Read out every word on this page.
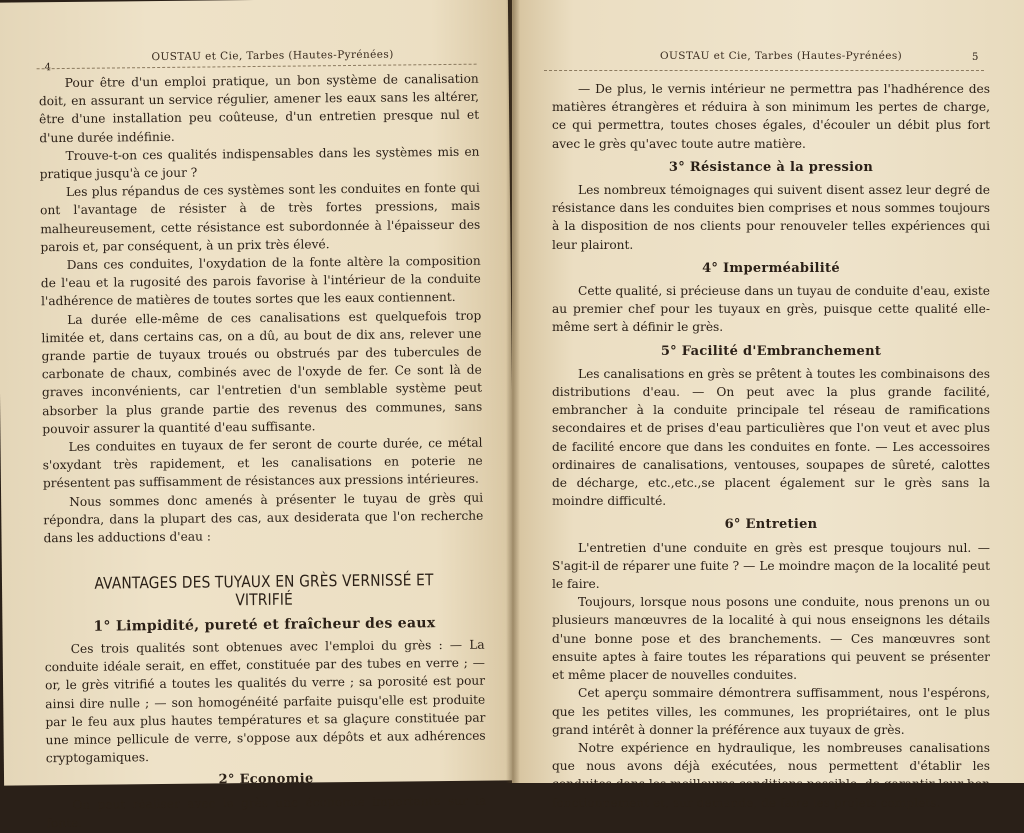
4
OUSTAU et Cie, Tarbes (Hautes-Pyrénées)

Pour être d'un emploi pratique, un bon système de canalisation doit, en assurant un service régulier, amener les eaux sans les altérer, être d'une installation peu coûteuse, d'un entretien presque nul et d'une durée indéfinie.

Trouve-t-on ces qualités indispensables dans les systèmes mis en pratique jusqu'à ce jour ?

Les plus répandus de ces systèmes sont les conduites en fonte qui ont l'avantage de résister à de très fortes pressions, mais malheureusement, cette résistance est subordonnée à l'épaisseur des parois et, par conséquent, à un prix très élevé.

Dans ces conduites, l'oxydation de la fonte altère la composition de l'eau et la rugosité des parois favorise à l'intérieur de la conduite l'adhérence de matières de toutes sortes que les eaux contiennent.

La durée elle-même de ces canalisations est quelquefois trop limitée et, dans certains cas, on a dû, au bout de dix ans, relever une grande partie de tuyaux troués ou obstrués par des tubercules de carbonate de chaux, combinés avec de l'oxyde de fer. Ce sont là de graves inconvénients, car l'entretien d'un semblable système peut absorber la plus grande partie des revenus des communes, sans pouvoir assurer la quantité d'eau suffisante.

Les conduites en tuyaux de fer seront de courte durée, ce métal s'oxydant très rapidement, et les canalisations en poterie ne présentent pas suffisamment de résistances aux pressions intérieures.

Nous sommes donc amenés à présenter le tuyau de grès qui répondra, dans la plupart des cas, aux desiderata que l'on recherche dans les adductions d'eau :

AVANTAGES DES TUYAUX EN GRÈS VERNISSÉ ET VITRIFIÉ
1° Limpidité, pureté et fraîcheur des eaux

Ces trois qualités sont obtenues avec l'emploi du grès : — La conduite idéale serait, en effet, constituée par des tubes en verre ; — or, le grès vitrifié a toutes les qualités du verre ; sa porosité est pour ainsi dire nulle ; — son homogénéité parfaite puisqu'elle est produite par le feu aux plus hautes températures et sa glaçure constituée par une mince pellicule de verre, s'oppose aux dépôts et aux adhérences cryptogamiques.

2° Economie

On peut réaliser avec le grès une économie importante sur la fonte.

OUSTAU et Cie, Tarbes (Hautes-Pyrénées)	5

— De plus, le vernis intérieur ne permettra pas l'hadhérence des matières étrangères et réduira à son minimum les pertes de charge, ce qui permettra, toutes choses égales, d'écouler un débit plus fort avec le grès qu'avec toute autre matière.

3° Résistance à la pression

Les nombreux témoignages qui suivent disent assez leur degré de résistance dans les conduites bien comprises et nous sommes toujours à la disposition de nos clients pour renouveler telles expériences qui leur plairont.

4° Imperméabilité

Cette qualité, si précieuse dans un tuyau de conduite d'eau, existe au premier chef pour les tuyaux en grès, puisque cette qualité elle-même sert à définir le grès.

5° Facilité d'Embranchement

Les canalisations en grès se prêtent à toutes les combinaisons des distributions d'eau. — On peut avec la plus grande facilité, embrancher à la conduite principale tel réseau de ramifications secondaires et de prises d'eau particulières que l'on veut et avec plus de facilité encore que dans les conduites en fonte. — Les accessoires ordinaires de canalisations, ventouses, soupapes de sûreté, calottes de décharge, etc.,etc.,se placent également sur le grès sans la moindre difficulté.

6° Entretien

L'entretien d'une conduite en grès est presque toujours nul. — S'agit-il de réparer une fuite ? — Le moindre maçon de la localité peut le faire.

Toujours, lorsque nous posons une conduite, nous prenons un ou plusieurs manœuvres de la localité à qui nous enseignons les détails d'une bonne pose et des branchements. — Ces manœuvres sont ensuite aptes à faire toutes les réparations qui peuvent se présenter et même placer de nouvelles conduites.

Cet aperçu sommaire démontrera suffisamment, nous l'espérons, que les petites villes, les communes, les propriétaires, ont le plus grand intérêt à donner la préférence aux tuyaux de grès.

Notre expérience en hydraulique, les nombreuses canalisations que nous avons déjà exécutées, nous permettent d'établir les conduites dans les meilleures conditions possible, de garantir leur bon fonctionnement et, sur demande, de faire les projets complets.
